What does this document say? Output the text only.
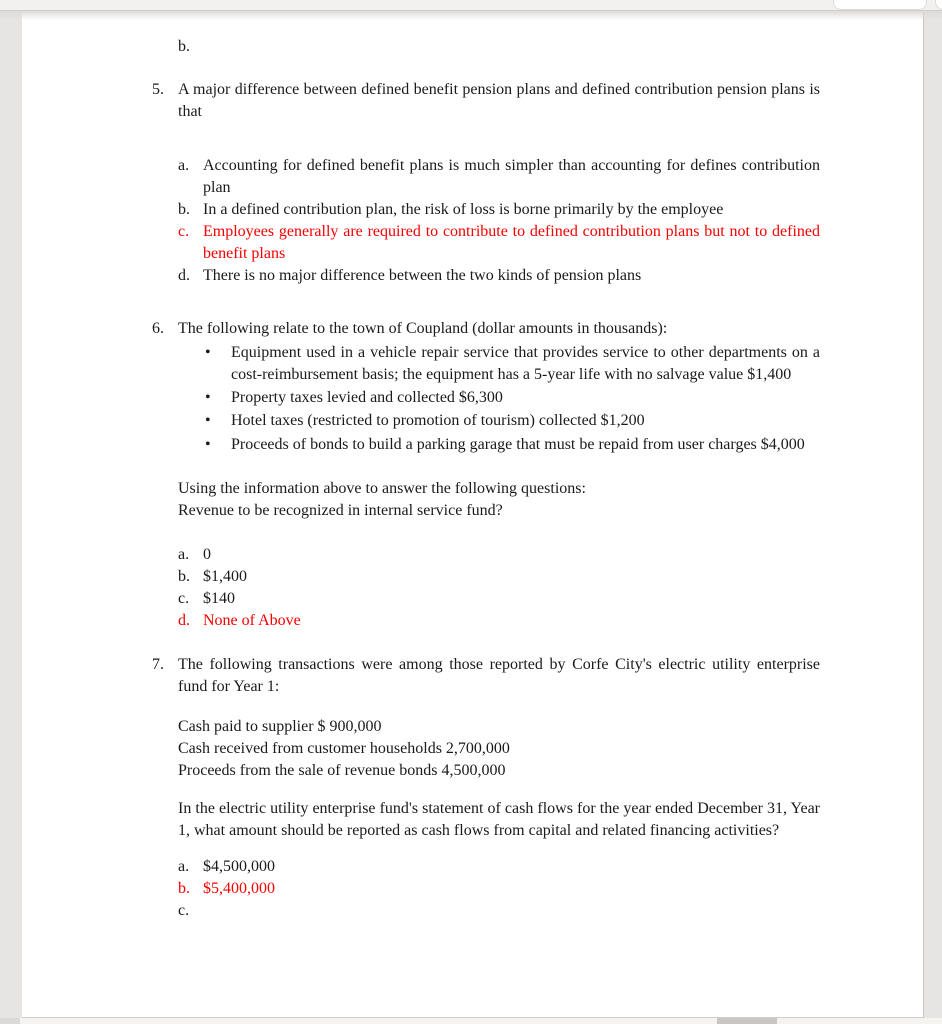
b.
5. A major difference between defined benefit pension plans and defined contribution pension plans is that
a. Accounting for defined benefit plans is much simpler than accounting for defines contribution plan
b. In a defined contribution plan, the risk of loss is borne primarily by the employee
c. Employees generally are required to contribute to defined contribution plans but not to defined benefit plans
d. There is no major difference between the two kinds of pension plans
6. The following relate to the town of Coupland (dollar amounts in thousands):
•	Equipment used in a vehicle repair service that provides service to other departments on a cost-reimbursement basis; the equipment has a 5-year life with no salvage value $1,400
•	Property taxes levied and collected $6,300
•	Hotel taxes (restricted to promotion of tourism) collected $1,200
•	Proceeds of bonds to build a parking garage that must be repaid from user charges $4,000
Using the information above to answer the following questions:
Revenue to be recognized in internal service fund?
a. 0
b. $1,400
c. $140
d. None of Above
7. The following transactions were among those reported by Corfe City's electric utility enterprise fund for Year 1:
Cash paid to supplier $ 900,000
Cash received from customer households 2,700,000
Proceeds from the sale of revenue bonds 4,500,000
In the electric utility enterprise fund's statement of cash flows for the year ended December 31, Year 1, what amount should be reported as cash flows from capital and related financing activities?
a. $4,500,000
b. $5,400,000
c.
